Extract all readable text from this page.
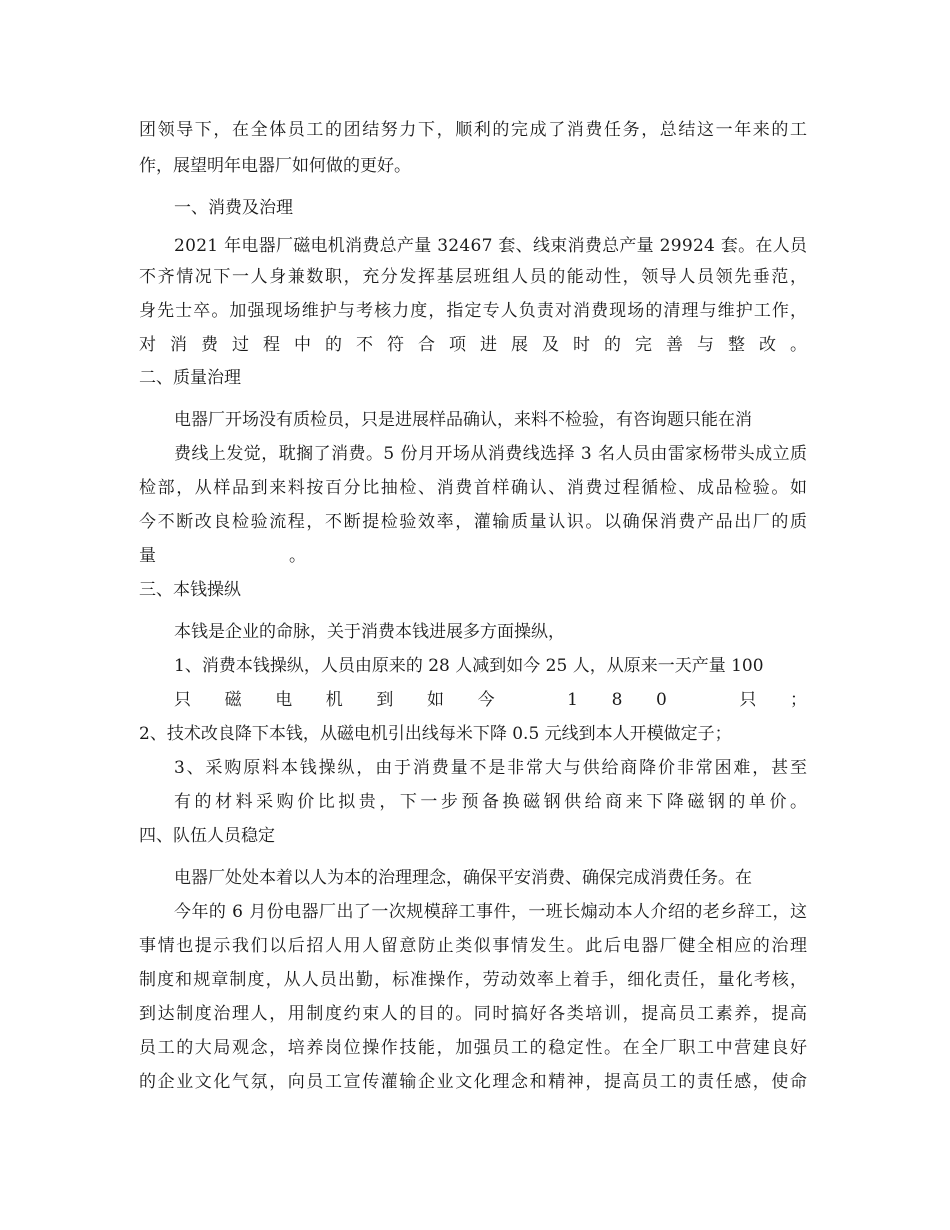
团领导下，在全体员工的团结努力下，顺利的完成了消费任务，总结这一年来的工
作，展望明年电器厂如何做的更好。
一、消费及治理
2021 年电器厂磁电机消费总产量 32467 套、线束消费总产量 29924 套。在人员
不齐情况下一人身兼数职，充分发挥基层班组人员的能动性，领导人员领先垂范，
身先士卒。加强现场维护与考核力度，指定专人负责对消费现场的清理与维护工作，
对消费过程中的不符合项进展及时的完善与整改。
二、质量治理
电器厂开场没有质检员，只是进展样品确认，来料不检验，有咨询题只能在消
费线上发觉，耽搁了消费。5 份月开场从消费线选择 3 名人员由雷家杨带头成立质
检部，从样品到来料按百分比抽检、消费首样确认、消费过程循检、成品检验。如
今不断改良检验流程，不断提检验效率，灌输质量认识。以确保消费产品出厂的质
量。
三、本钱操纵
本钱是企业的命脉，关于消费本钱进展多方面操纵，
1、消费本钱操纵，人员由原来的 28 人减到如今 25 人，从原来一天产量 100
只磁电机到如今 180 只；
2、技术改良降下本钱，从磁电机引出线每米下降 0.5 元线到本人开模做定子；
3、采购原料本钱操纵，由于消费量不是非常大与供给商降价非常困难，甚至
有的材料采购价比拟贵，下一步预备换磁钢供给商来下降磁钢的单价。
四、队伍人员稳定
电器厂处处本着以人为本的治理理念，确保平安消费、确保完成消费任务。在
今年的 6 月份电器厂出了一次规模辞工事件，一班长煽动本人介绍的老乡辞工，这
事情也提示我们以后招人用人留意防止类似事情发生。此后电器厂健全相应的治理
制度和规章制度，从人员出勤，标准操作，劳动效率上着手，细化责任，量化考核，
到达制度治理人，用制度约束人的目的。同时搞好各类培训，提高员工素养，提高
员工的大局观念，培养岗位操作技能，加强员工的稳定性。在全厂职工中营建良好
的企业文化气氛，向员工宣传灌输企业文化理念和精神，提高员工的责任感，使命
